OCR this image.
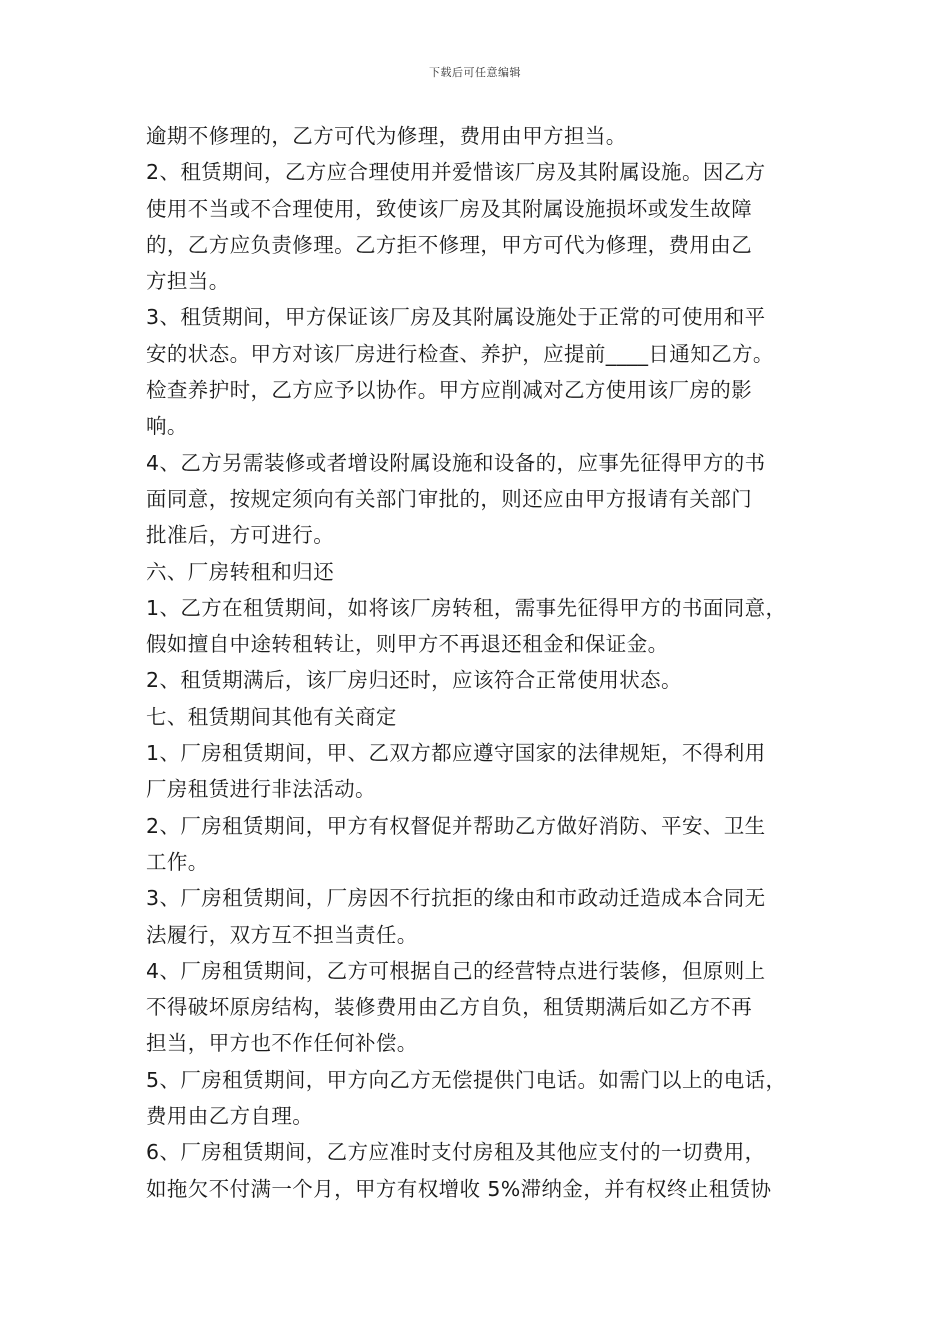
下载后可任意编辑
逾期不修理的，乙方可代为修理，费用由甲方担当。
2、租赁期间，乙方应合理使用并爱惜该厂房及其附属设施。因乙方
使用不当或不合理使用，致使该厂房及其附属设施损坏或发生故障
的，乙方应负责修理。乙方拒不修理，甲方可代为修理，费用由乙
方担当。
3、租赁期间，甲方保证该厂房及其附属设施处于正常的可使用和平
安的状态。甲方对该厂房进行检查、养护，应提前____日通知乙方。
检查养护时，乙方应予以协作。甲方应削减对乙方使用该厂房的影
响。
4、乙方另需装修或者增设附属设施和设备的，应事先征得甲方的书
面同意，按规定须向有关部门审批的，则还应由甲方报请有关部门
批准后，方可进行。
六、厂房转租和归还
1、乙方在租赁期间，如将该厂房转租，需事先征得甲方的书面同意，
假如擅自中途转租转让，则甲方不再退还租金和保证金。
2、租赁期满后，该厂房归还时，应该符合正常使用状态。
七、租赁期间其他有关商定
1、厂房租赁期间，甲、乙双方都应遵守国家的法律规矩，不得利用
厂房租赁进行非法活动。
2、厂房租赁期间，甲方有权督促并帮助乙方做好消防、平安、卫生
工作。
3、厂房租赁期间，厂房因不行抗拒的缘由和市政动迁造成本合同无
法履行，双方互不担当责任。
4、厂房租赁期间，乙方可根据自己的经营特点进行装修，但原则上
不得破坏原房结构，装修费用由乙方自负，租赁期满后如乙方不再
担当，甲方也不作任何补偿。
5、厂房租赁期间，甲方向乙方无偿提供门电话。如需门以上的电话，
费用由乙方自理。
6、厂房租赁期间，乙方应准时支付房租及其他应支付的一切费用，
如拖欠不付满一个月，甲方有权增收 5%滞纳金，并有权终止租赁协
